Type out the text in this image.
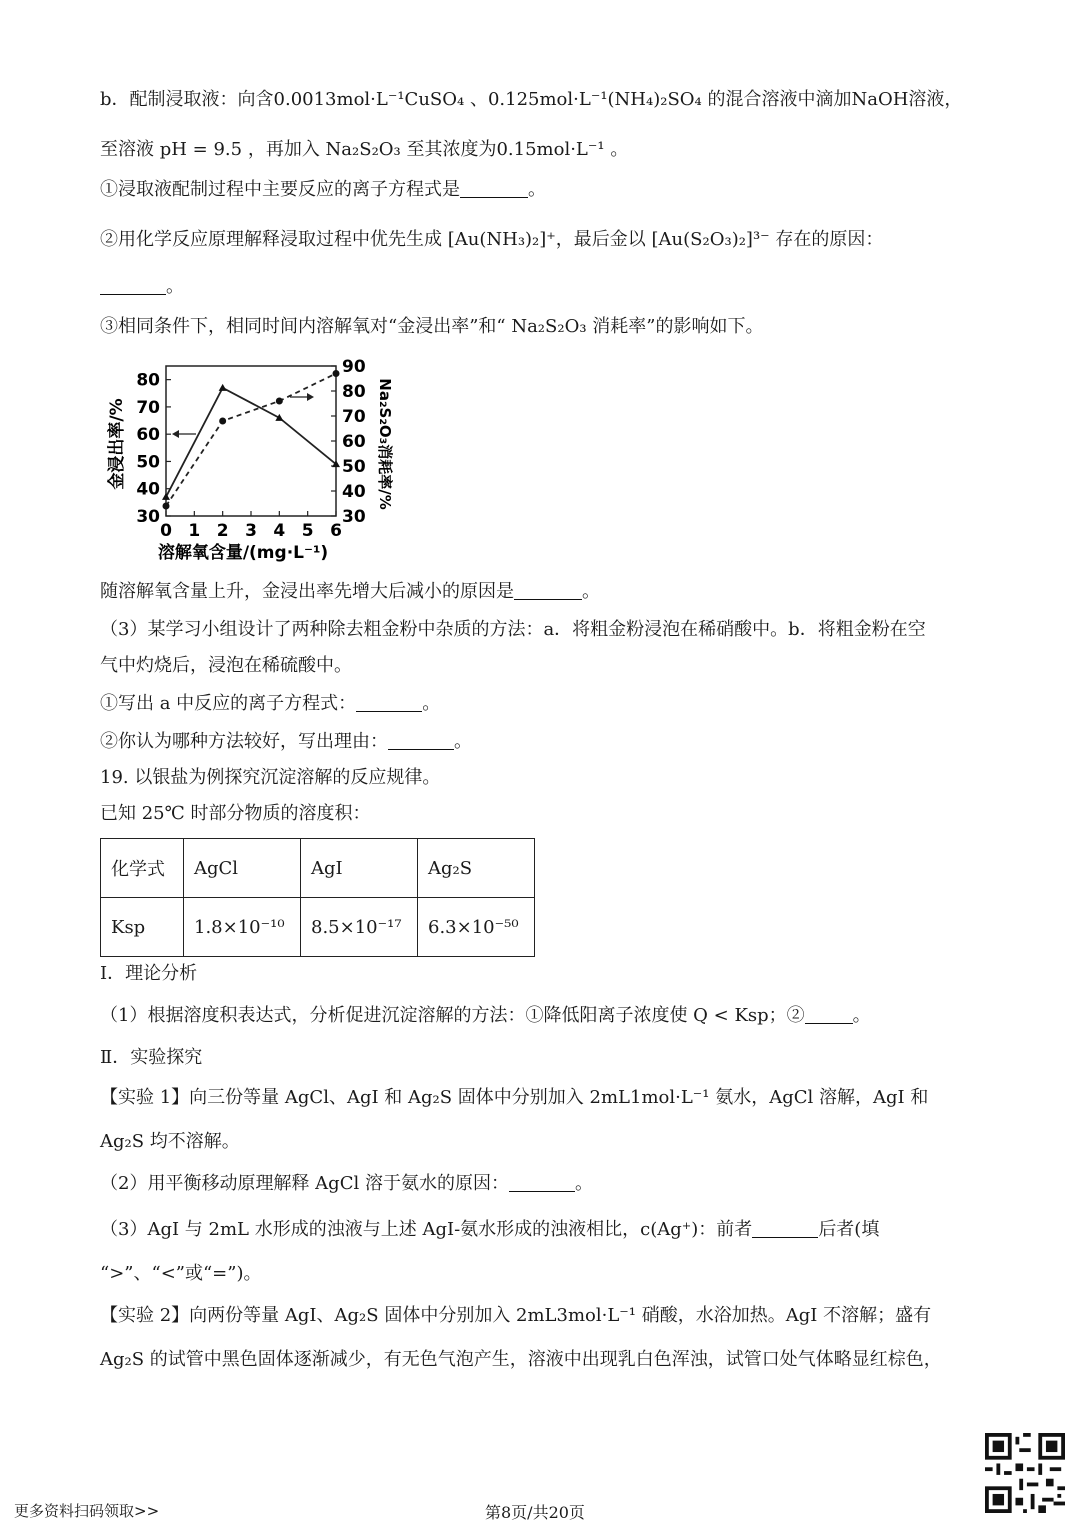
b．配制浸取液：向含0.0013mol·L⁻¹CuSO₄ 、0.125mol·L⁻¹(NH₄)₂SO₄ 的混合溶液中滴加NaOH溶液，
至溶液 pH = 9.5 ，再加入 Na₂S₂O₃ 至其浓度为0.15mol·L⁻¹ 。
①浸取液配制过程中主要反应的离子方程式是	。
②用化学反应原理解释浸取过程中优先生成 [Au(NH₃)₂]⁺，最后金以 [Au(S₂O₃)₂]³⁻ 存在的原因：
。
③相同条件下，相同时间内溶解氧对“金浸出率”和“ Na₂S₂O₃ 消耗率”的影响如下。
30
40
50
60
70
80
30
40
50
60
70
80
90
0 1 2 3 4 5 6
金浸出率/%	Na₂S₂O₃消耗率/%
溶解氧含量/(mg·L⁻¹)
随溶解氧含量上升，金浸出率先增大后减小的原因是	。
（3）某学习小组设计了两种除去粗金粉中杂质的方法：a．将粗金粉浸泡在稀硝酸中。b．将粗金粉在空
气中灼烧后，浸泡在稀硫酸中。
①写出 a 中反应的离子方程式：	。
②你认为哪种方法较好，写出理由：	。
19. 以银盐为例探究沉淀溶解的反应规律。
已知 25℃ 时部分物质的溶度积：
化学式	AgCl	AgI	Ag₂S
Ksp	1.8×10⁻¹⁰	8.5×10⁻¹⁷	6.3×10⁻⁵⁰
Ⅰ．理论分析
（1）根据溶度积表达式，分析促进沉淀溶解的方法：①降低阳离子浓度使 Q < Ksp；②	。
Ⅱ．实验探究
【实验 1】向三份等量 AgCl、AgI 和 Ag₂S 固体中分别加入 2mL1mol·L⁻¹ 氨水，AgCl 溶解，AgI 和
Ag₂S 均不溶解。
（2）用平衡移动原理解释 AgCl 溶于氨水的原因：	。
（3）AgI 与 2mL 水形成的浊液与上述 AgI-氨水形成的浊液相比，c(Ag⁺)：前者	后者(填
“>”、“<”或“=”)。
【实验 2】向两份等量 AgI、Ag₂S 固体中分别加入 2mL3mol·L⁻¹ 硝酸，水浴加热。AgI 不溶解；盛有
Ag₂S 的试管中黑色固体逐渐减少，有无色气泡产生，溶液中出现乳白色浑浊，试管口处气体略显红棕色，
更多资料扫码领取>>	第8页/共20页
